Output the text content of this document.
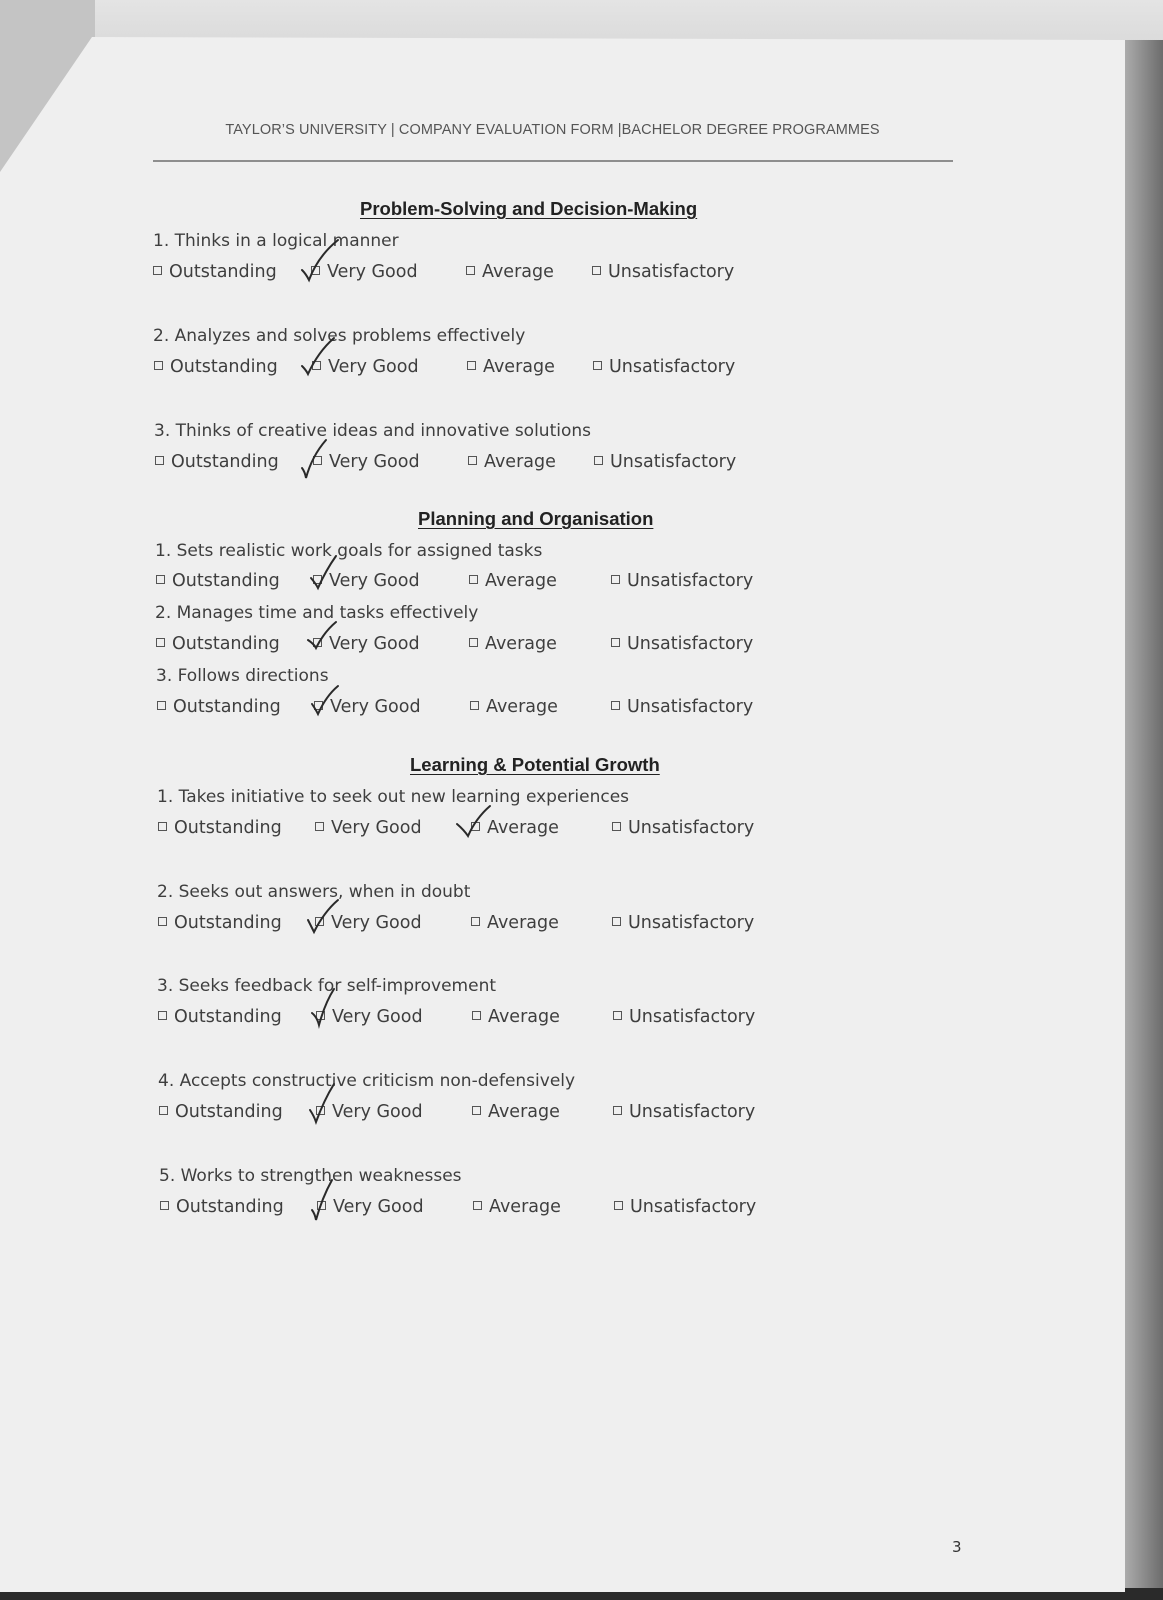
TAYLOR’S UNIVERSITY | COMPANY EVALUATION FORM |BACHELOR DEGREE PROGRAMMES
Problem-Solving and Decision-Making
1. Thinks in a logical manner
Outstanding	Very Good	Average	Unsatisfactory
2. Analyzes and solves problems effectively
Outstanding	Very Good	Average	Unsatisfactory
3. Thinks of creative ideas and innovative solutions
Outstanding	Very Good	Average	Unsatisfactory
Planning and Organisation
1. Sets realistic work goals for assigned tasks
Outstanding	Very Good	Average	Unsatisfactory
2. Manages time and tasks effectively
Outstanding	Very Good	Average	Unsatisfactory
3. Follows directions
Outstanding	Very Good	Average	Unsatisfactory
Learning & Potential Growth
1. Takes initiative to seek out new learning experiences
Outstanding	Very Good	Average	Unsatisfactory
2. Seeks out answers, when in doubt
Outstanding	Very Good	Average	Unsatisfactory
3. Seeks feedback for self-improvement
Outstanding	Very Good	Average	Unsatisfactory
4. Accepts constructive criticism non-defensively
Outstanding	Very Good	Average	Unsatisfactory
5. Works to strengthen weaknesses
Outstanding	Very Good	Average	Unsatisfactory
3
